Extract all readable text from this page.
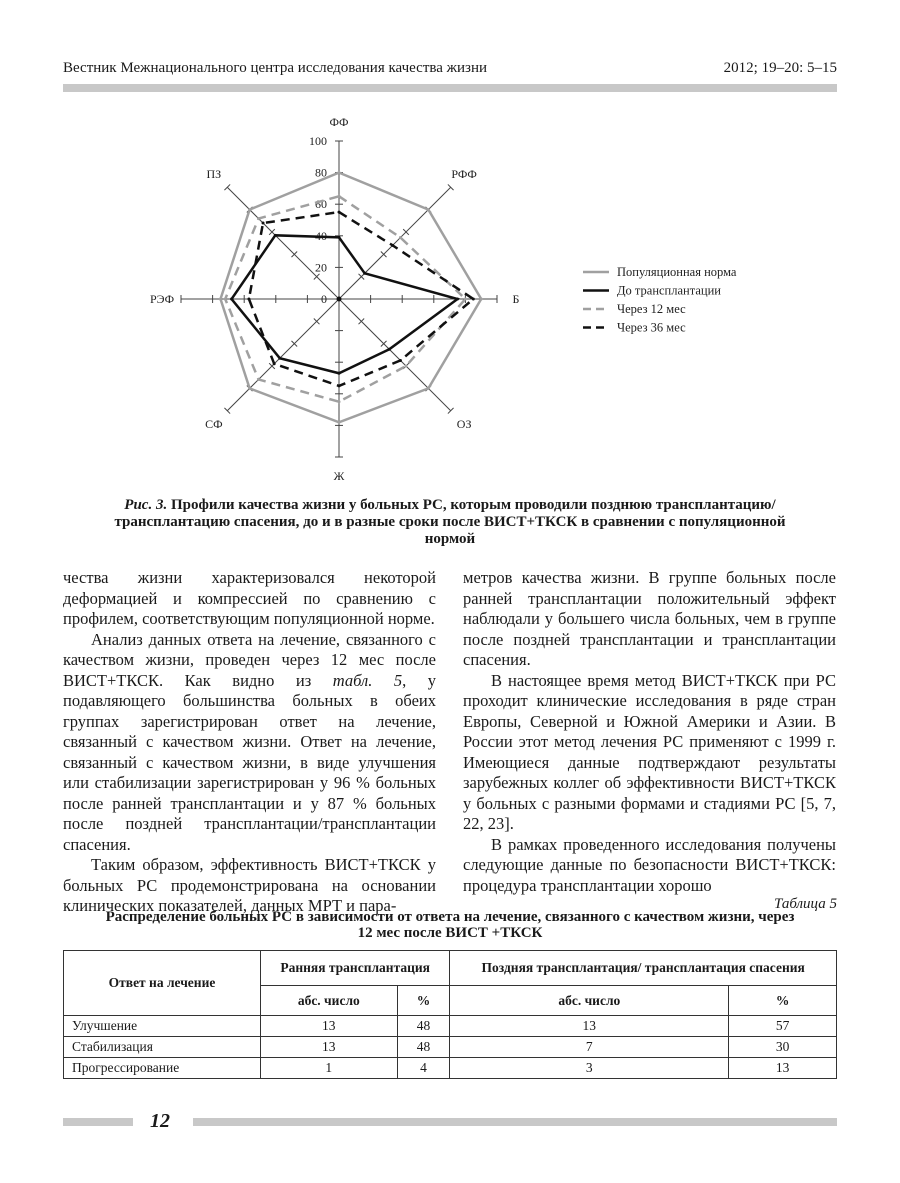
Вестник Межнационального центра исследования качества жизни	2012; 19–20: 5–15
ФФ
РФФ
Б
ОЗ
Ж
СФ
РЭФ
ПЗ
0
20
40
60
80
100
Популяционная норма
До трансплантации
Через 12 мес
Через 36 мес
Рис. 3. Профили качества жизни у больных РС, которым проводили позднюю трансплантацию/трансплантацию спасения, до и в разные сроки после ВИСТ+ТКСК в сравнении с популяционной нормой

чества жизни характеризовался некоторой деформацией и компрессией по сравнению с профилем, соответствующим популяционной норме.

Анализ данных ответа на лечение, связанного с качеством жизни, проведен через 12 мес после ВИСТ+ТКСК. Как видно из табл. 5, у подавляющего большинства больных в обеих группах зарегистрирован ответ на лечение, связанный с качеством жизни. Ответ на лечение, связанный с качеством жизни, в виде улучшения или стабилизации зарегистрирован у 96 % больных после ранней трансплантации и у 87 % больных после поздней трансплантации/трансплантации спасения.

Таким образом, эффективность ВИСТ+ТКСК у больных РС продемонстрирована на основании клинических показателей, данных МРТ и пара-

метров качества жизни. В группе больных после ранней трансплантации положительный эффект наблюдали у большего числа больных, чем в группе после поздней трансплантации и трансплантации спасения.

В настоящее время метод ВИСТ+ТКСК при РС проходит клинические исследования в ряде стран Европы, Северной и Южной Америки и Азии. В России этот метод лечения РС применяют с 1999 г. Имеющиеся данные подтверждают результаты зарубежных коллег об эффективности ВИСТ+ТКСК у больных с разными формами и стадиями РС [5, 7, 22, 23].

В рамках проведенного исследования получены следующие данные по безопасности ВИСТ+ТКСК: процедура трансплантации хорошо

Таблица 5
Распределение больных РС в зависимости от ответа на лечение, связанного с качеством жизни, через 12 мес после ВИСТ +ТКСК
Ответ на лечение	Ранняя трансплантация		Поздняя трансплантация/ трансплантация спасения	
	абс. число	%	абс. число	%
Улучшение	13	48	13	57
Стабилизация	13	48	7	30
Прогрессирование	1	4	3	13
12
